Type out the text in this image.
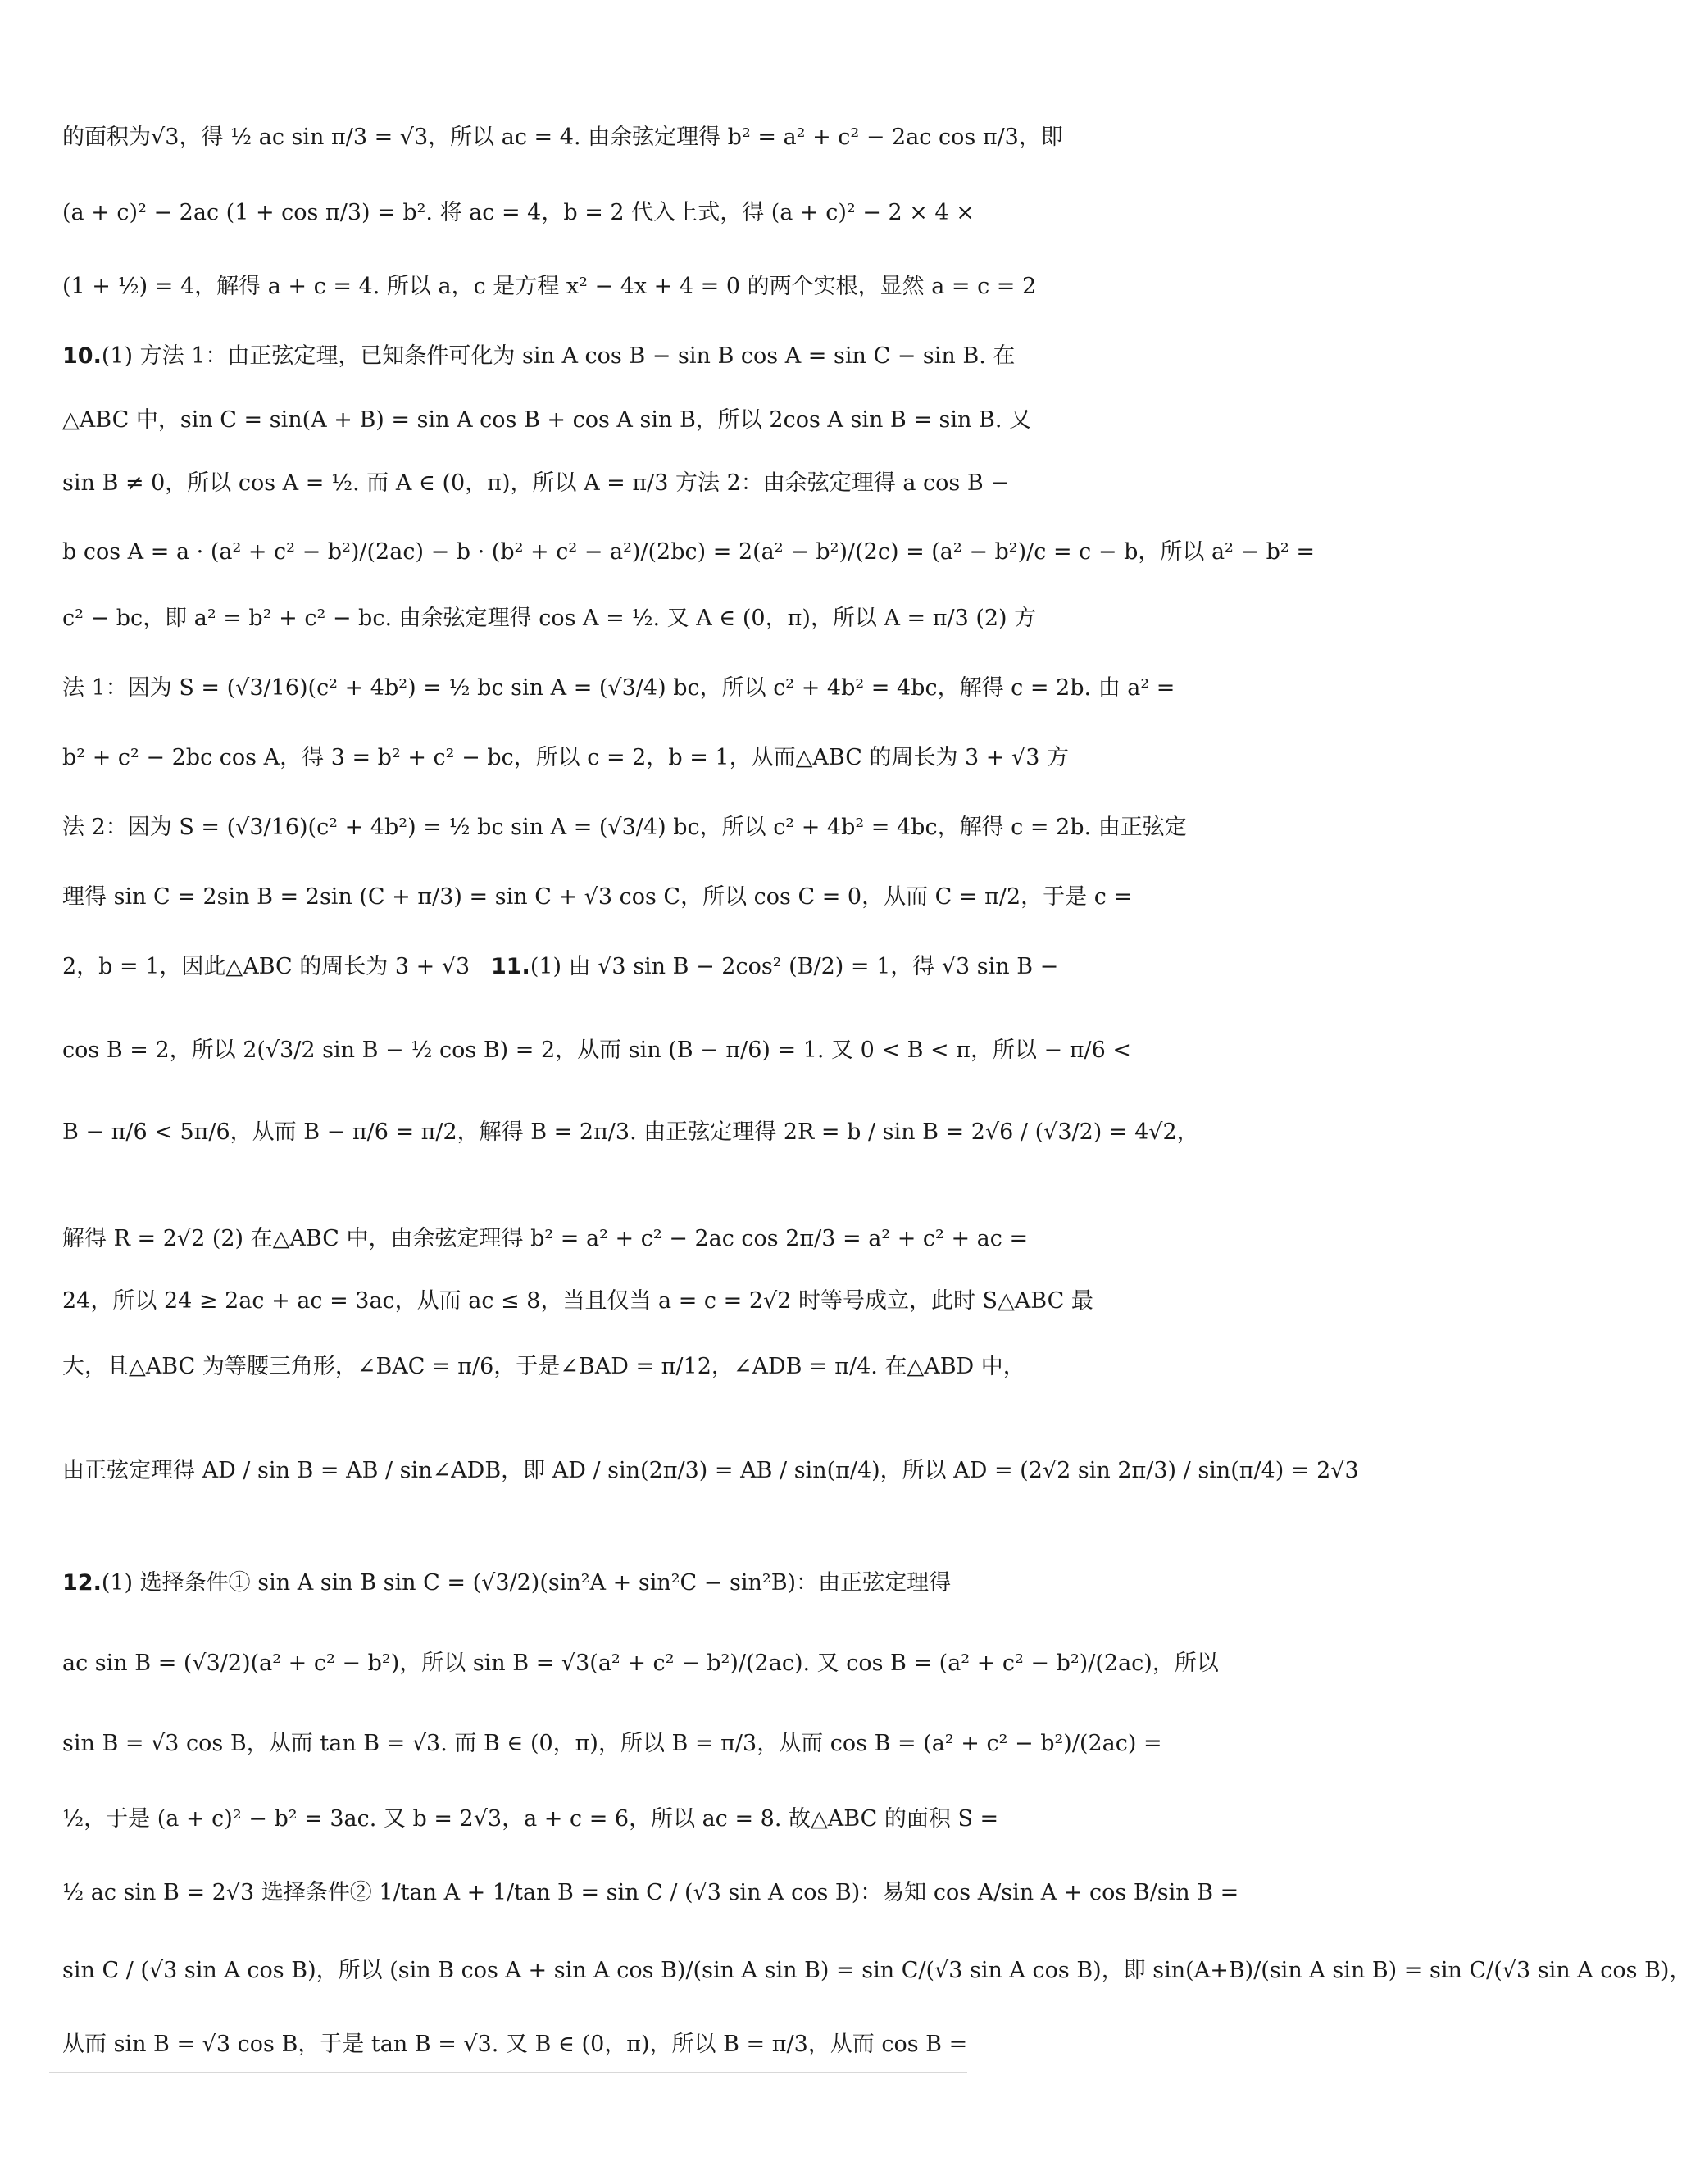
的面积为√3，得 ½ ac sin π/3 = √3，所以 ac = 4. 由余弦定理得 b² = a² + c² − 2ac cos π/3，即
(a + c)² − 2ac (1 + cos π/3) = b². 将 ac = 4，b = 2 代入上式，得 (a + c)² − 2 × 4 ×
(1 + ½) = 4，解得 a + c = 4. 所以 a，c 是方程 x² − 4x + 4 = 0 的两个实根，显然 a = c = 2
10.(1) 方法 1：由正弦定理，已知条件可化为 sin A cos B − sin B cos A = sin C − sin B. 在
△ABC 中，sin C = sin(A + B) = sin A cos B + cos A sin B，所以 2cos A sin B = sin B. 又
sin B ≠ 0，所以 cos A = ½. 而 A ∈ (0，π)，所以 A = π/3 方法 2：由余弦定理得 a cos B −
b cos A = a · (a² + c² − b²)/(2ac) − b · (b² + c² − a²)/(2bc) = 2(a² − b²)/(2c) = (a² − b²)/c = c − b，所以 a² − b² =
c² − bc，即 a² = b² + c² − bc. 由余弦定理得 cos A = ½. 又 A ∈ (0，π)，所以 A = π/3 (2) 方
法 1：因为 S = (√3/16)(c² + 4b²) = ½ bc sin A = (√3/4) bc，所以 c² + 4b² = 4bc，解得 c = 2b. 由 a² =
b² + c² − 2bc cos A，得 3 = b² + c² − bc，所以 c = 2，b = 1，从而△ABC 的周长为 3 + √3 方
法 2：因为 S = (√3/16)(c² + 4b²) = ½ bc sin A = (√3/4) bc，所以 c² + 4b² = 4bc，解得 c = 2b. 由正弦定
理得 sin C = 2sin B = 2sin (C + π/3) = sin C + √3 cos C，所以 cos C = 0，从而 C = π/2，于是 c =
2，b = 1，因此△ABC 的周长为 3 + √3 11.(1) 由 √3 sin B − 2cos² (B/2) = 1，得 √3 sin B −
cos B = 2，所以 2(√3/2 sin B − ½ cos B) = 2，从而 sin (B − π/6) = 1. 又 0 < B < π，所以 − π/6 <
B − π/6 < 5π/6，从而 B − π/6 = π/2，解得 B = 2π/3. 由正弦定理得 2R = b / sin B = 2√6 / (√3/2) = 4√2，
解得 R = 2√2 (2) 在△ABC 中，由余弦定理得 b² = a² + c² − 2ac cos 2π/3 = a² + c² + ac =
24，所以 24 ≥ 2ac + ac = 3ac，从而 ac ≤ 8，当且仅当 a = c = 2√2 时等号成立，此时 S△ABC 最
大，且△ABC 为等腰三角形，∠BAC = π/6，于是∠BAD = π/12，∠ADB = π/4. 在△ABD 中，
由正弦定理得 AD / sin B = AB / sin∠ADB，即 AD / sin(2π/3) = AB / sin(π/4)，所以 AD = (2√2 sin 2π/3) / sin(π/4) = 2√3
12.(1) 选择条件① sin A sin B sin C = (√3/2)(sin²A + sin²C − sin²B)：由正弦定理得
ac sin B = (√3/2)(a² + c² − b²)，所以 sin B = √3(a² + c² − b²)/(2ac). 又 cos B = (a² + c² − b²)/(2ac)，所以
sin B = √3 cos B，从而 tan B = √3. 而 B ∈ (0，π)，所以 B = π/3，从而 cos B = (a² + c² − b²)/(2ac) =
½，于是 (a + c)² − b² = 3ac. 又 b = 2√3，a + c = 6，所以 ac = 8. 故△ABC 的面积 S =
½ ac sin B = 2√3 选择条件② 1/tan A + 1/tan B = sin C / (√3 sin A cos B)：易知 cos A/sin A + cos B/sin B =
sin C / (√3 sin A cos B)，所以 (sin B cos A + sin A cos B)/(sin A sin B) = sin C/(√3 sin A cos B)，即 sin(A+B)/(sin A sin B) = sin C/(√3 sin A cos B)，
从而 sin B = √3 cos B，于是 tan B = √3. 又 B ∈ (0，π)，所以 B = π/3，从而 cos B =
